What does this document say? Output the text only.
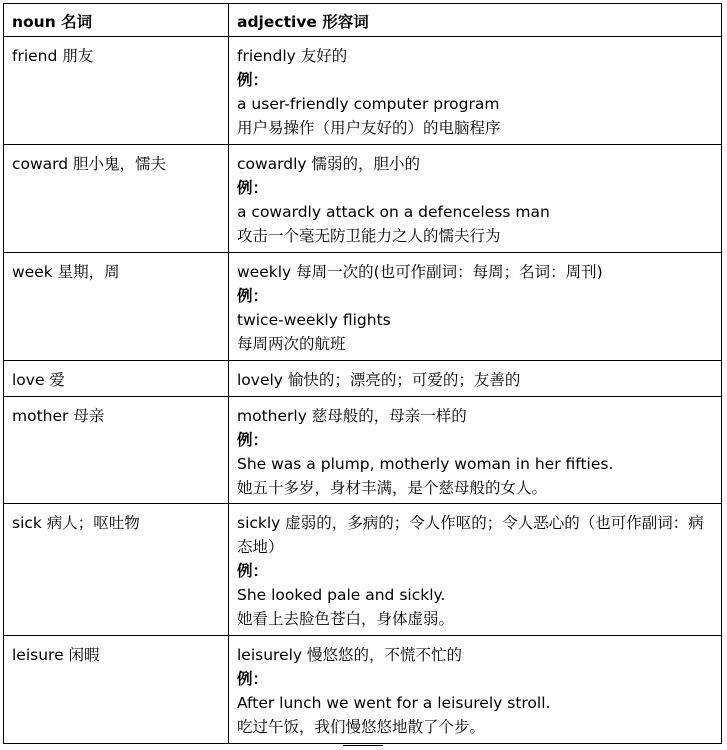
noun 名词	adjective 形容词
friend 朋友	friendly 友好的
例：
a user-friendly computer program
用户易操作（用户友好的）的电脑程序

coward 胆小鬼，懦夫	cowardly 懦弱的，胆小的
例：
a cowardly attack on a defenceless man
攻击一个毫无防卫能力之人的懦夫行为

week 星期，周	weekly 每周一次的(也可作副词：每周；名词：周刊)
例：
twice-weekly flights
每周两次的航班

love 爱	lovely 愉快的；漂亮的；可爱的；友善的

mother 母亲	motherly 慈母般的，母亲一样的
例：
She was a plump, motherly woman in her fifties.
她五十多岁，身材丰满，是个慈母般的女人。

sick 病人；呕吐物	sickly 虚弱的，多病的；令人作呕的；令人恶心的（也可作副词：病态地）
例：
She looked pale and sickly.
她看上去脸色苍白，身体虚弱。

leisure 闲暇	leisurely 慢悠悠的，不慌不忙的
例：
After lunch we went for a leisurely stroll.
吃过午饭，我们慢悠悠地散了个步。
